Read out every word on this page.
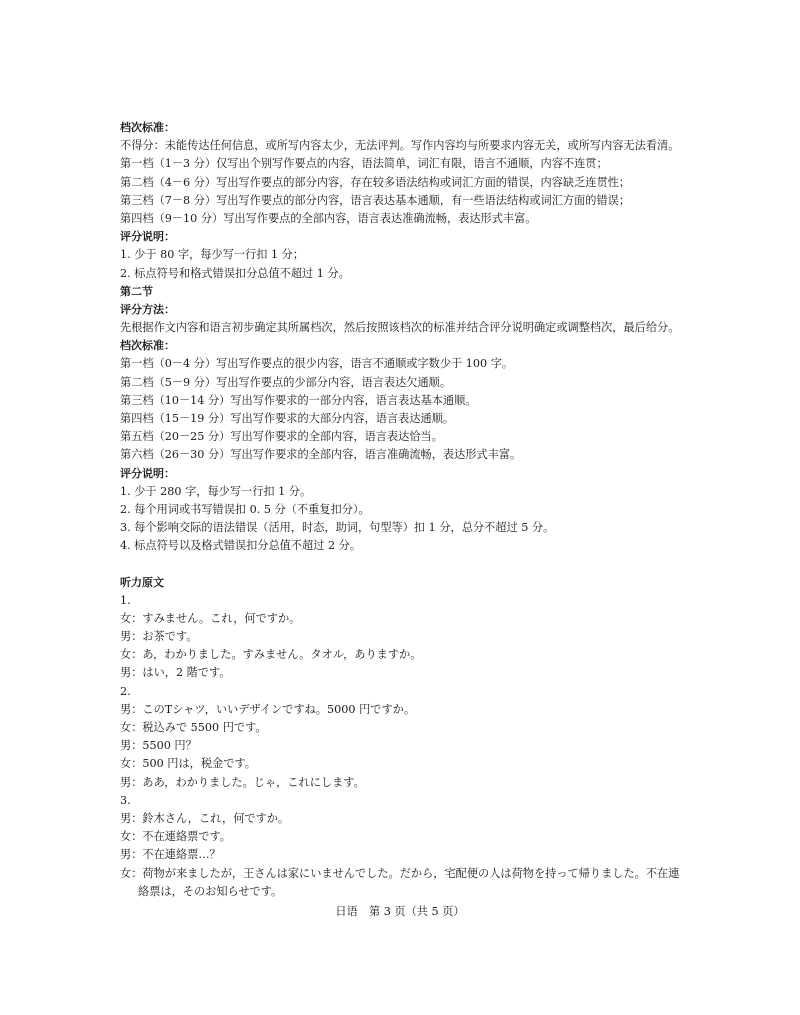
档次标准：
不得分：未能传达任何信息，或所写内容太少，无法评判。写作内容均与所要求内容无关，或所写内容无法看清。
第一档（1－3 分）仅写出个别写作要点的内容，语法简单，词汇有限，语言不通顺，内容不连贯；
第二档（4－6 分）写出写作要点的部分内容，存在较多语法结构或词汇方面的错误，内容缺乏连贯性；
第三档（7－8 分）写出写作要点的部分内容，语言表达基本通顺，有一些语法结构或词汇方面的错误；
第四档（9－10 分）写出写作要点的全部内容，语言表达准确流畅，表达形式丰富。
评分说明：
1. 少于 80 字，每少写一行扣 1 分；
2. 标点符号和格式错误扣分总值不超过 1 分。
第二节
评分方法：
先根据作文内容和语言初步确定其所属档次，然后按照该档次的标准并结合评分说明确定或调整档次，最后给分。
档次标准：
第一档（0－4 分）写出写作要点的很少内容，语言不通顺或字数少于 100 字。
第二档（5－9 分）写出写作要点的少部分内容，语言表达欠通顺。
第三档（10－14 分）写出写作要求的一部分内容，语言表达基本通顺。
第四档（15－19 分）写出写作要求的大部分内容，语言表达通顺。
第五档（20－25 分）写出写作要求的全部内容，语言表达恰当。
第六档（26－30 分）写出写作要求的全部内容，语言准确流畅，表达形式丰富。
评分说明：
1. 少于 280 字，每少写一行扣 1 分。
2. 每个用词或书写错误扣 0. 5 分（不重复扣分）。
3. 每个影响交际的语法错误（活用，时态，助词，句型等）扣 1 分，总分不超过 5 分。
4. 标点符号以及格式错误扣分总值不超过 2 分。
听力原文
1.
女：すみません。これ，何ですか。
男：お茶です。
女：あ，わかりました。すみません。タオル，ありますか。
男：はい，2 階です。
2.
男：このTシャツ，いいデザインですね。5000 円ですか。
女：税込みで 5500 円です。
男：5500 円？
女：500 円は，税金です。
男：ああ，わかりました。じゃ，これにします。
3.
男：鈴木さん，これ，何ですか。
女：不在連絡票です。
男：不在連絡票…？
女：荷物が来ましたが，王さんは家にいませんでした。だから，宅配便の人は荷物を持って帰りました。不在連
絡票は，そのお知らせです。
日语　第 3 页（共 5 页）
